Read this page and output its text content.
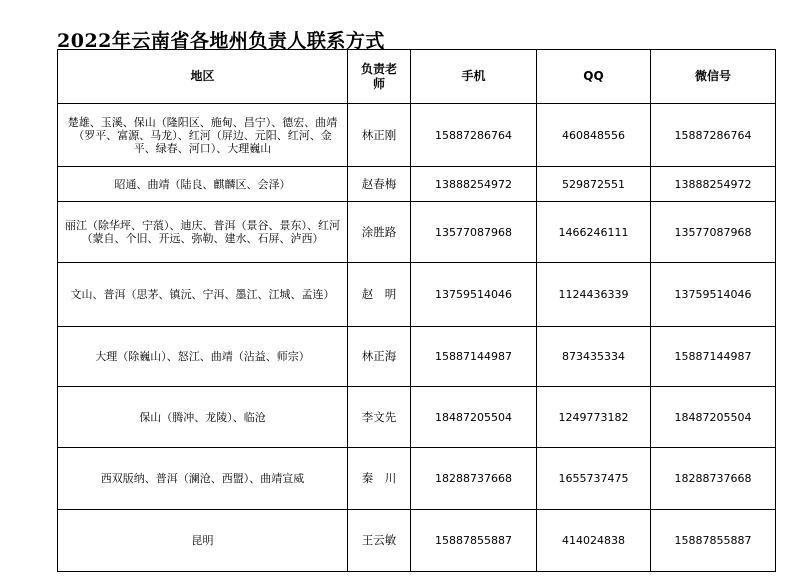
2022年云南省各地州负责人联系方式
地区	负责老师	手机	QQ	微信号
楚雄、玉溪、保山（隆阳区、施甸、昌宁）、德宏、曲靖（罗平、富源、马龙）、红河（屏边、元阳、红河、金平、绿春、河口）、大理巍山	林正刚	15887286764	460848556	15887286764
昭通、曲靖（陆良、麒麟区、会泽）	赵春梅	13888254972	529872551	13888254972
丽江（除华坪、宁蒗）、迪庆、普洱（景谷、景东）、红河（蒙自、个旧、开远、弥勒、建水、石屏、泸西）	涂胜路	13577087968	1466246111	13577087968
文山、普洱（思茅、镇沅、宁洱、墨江、江城、孟连）	赵　明	13759514046	1124436339	13759514046
大理（除巍山）、怒江、曲靖（沾益、师宗）	林正海	15887144987	873435334	15887144987
保山（腾冲、龙陵）、临沧	李文先	18487205504	1249773182	18487205504
西双版纳、普洱（澜沧、西盟）、曲靖宣威	秦　川	18288737668	1655737475	18288737668
昆明	王云敏	15887855887	414024838	15887855887
